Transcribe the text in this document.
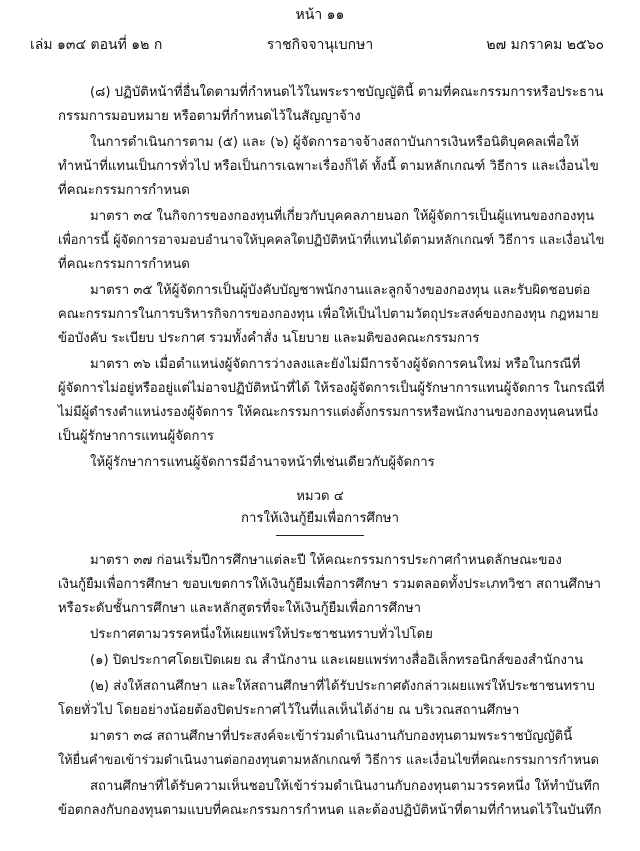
หน้า ๑๑
เล่ม ๑๓๔ ตอนที่ ๑๒ ก	ราชกิจจานุเบกษา	๒๗ มกราคม ๒๕๖๐
(๘) ปฏิบัติหน้าที่อื่นใดตามที่กำหนดไว้ในพระราชบัญญัตินี้ ตามที่คณะกรรมการหรือประธาน
กรรมการมอบหมาย หรือตามที่กำหนดไว้ในสัญญาจ้าง
ในการดำเนินการตาม (๕) และ (๖) ผู้จัดการอาจจ้างสถาบันการเงินหรือนิติบุคคลเพื่อให้
ทำหน้าที่แทนเป็นการทั่วไป หรือเป็นการเฉพาะเรื่องก็ได้ ทั้งนี้ ตามหลักเกณฑ์ วิธีการ และเงื่อนไข
ที่คณะกรรมการกำหนด
มาตรา ๓๔ ในกิจการของกองทุนที่เกี่ยวกับบุคคลภายนอก ให้ผู้จัดการเป็นผู้แทนของกองทุน
เพื่อการนี้ ผู้จัดการอาจมอบอำนาจให้บุคคลใดปฏิบัติหน้าที่แทนได้ตามหลักเกณฑ์ วิธีการ และเงื่อนไข
ที่คณะกรรมการกำหนด
มาตรา ๓๕ ให้ผู้จัดการเป็นผู้บังคับบัญชาพนักงานและลูกจ้างของกองทุน และรับผิดชอบต่อ
คณะกรรมการในการบริหารกิจการของกองทุน เพื่อให้เป็นไปตามวัตถุประสงค์ของกองทุน กฎหมาย
ข้อบังคับ ระเบียบ ประกาศ รวมทั้งคำสั่ง นโยบาย และมติของคณะกรรมการ
มาตรา ๓๖ เมื่อตำแหน่งผู้จัดการว่างลงและยังไม่มีการจ้างผู้จัดการคนใหม่ หรือในกรณีที่
ผู้จัดการไม่อยู่หรืออยู่แต่ไม่อาจปฏิบัติหน้าที่ได้ ให้รองผู้จัดการเป็นผู้รักษาการแทนผู้จัดการ ในกรณีที่
ไม่มีผู้ดำรงตำแหน่งรองผู้จัดการ ให้คณะกรรมการแต่งตั้งกรรมการหรือพนักงานของกองทุนคนหนึ่ง
เป็นผู้รักษาการแทนผู้จัดการ
ให้ผู้รักษาการแทนผู้จัดการมีอำนาจหน้าที่เช่นเดียวกับผู้จัดการ
หมวด ๔
การให้เงินกู้ยืมเพื่อการศึกษา
มาตรา ๓๗ ก่อนเริ่มปีการศึกษาแต่ละปี ให้คณะกรรมการประกาศกำหนดลักษณะของ
เงินกู้ยืมเพื่อการศึกษา ขอบเขตการให้เงินกู้ยืมเพื่อการศึกษา รวมตลอดทั้งประเภทวิชา สถานศึกษา
หรือระดับชั้นการศึกษา และหลักสูตรที่จะให้เงินกู้ยืมเพื่อการศึกษา
ประกาศตามวรรคหนึ่งให้เผยแพร่ให้ประชาชนทราบทั่วไปโดย
(๑) ปิดประกาศโดยเปิดเผย ณ สำนักงาน และเผยแพร่ทางสื่ออิเล็กทรอนิกส์ของสำนักงาน
(๒) ส่งให้สถานศึกษา และให้สถานศึกษาที่ได้รับประกาศดังกล่าวเผยแพร่ให้ประชาชนทราบ
โดยทั่วไป โดยอย่างน้อยต้องปิดประกาศไว้ในที่แลเห็นได้ง่าย ณ บริเวณสถานศึกษา
มาตรา ๓๘ สถานศึกษาที่ประสงค์จะเข้าร่วมดำเนินงานกับกองทุนตามพระราชบัญญัตินี้
ให้ยื่นคำขอเข้าร่วมดำเนินงานต่อกองทุนตามหลักเกณฑ์ วิธีการ และเงื่อนไขที่คณะกรรมการกำหนด
สถานศึกษาที่ได้รับความเห็นชอบให้เข้าร่วมดำเนินงานกับกองทุนตามวรรคหนึ่ง ให้ทำบันทึก
ข้อตกลงกับกองทุนตามแบบที่คณะกรรมการกำหนด และต้องปฏิบัติหน้าที่ตามที่กำหนดไว้ในบันทึก
